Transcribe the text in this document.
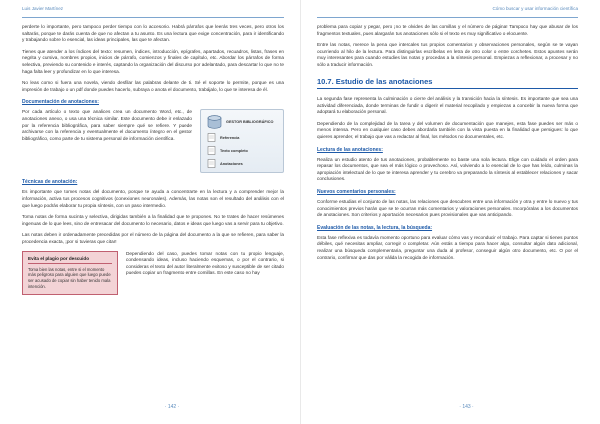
Luis Javier Martínez

perderte lo importante, pero tampoco perder tiempo con lo accesorio. Habrá párrafos que leerás tres veces, pero otros los saltarás, porque te darás cuenta de que no afectan a tu asunto. Es una lectura que exige concentración, para ir identificando y trabajando sobre lo esencial, las ideas principales, las que te afectan.

Tienes que atender a los índices del texto: resumen, índices, introducción, epígrafes, apartados, recuadros, listas, frases en negrita y cursiva, nombres propios, inicios de párrafo, comienzos y finales de capítulo, etc. Abordar los párrafos de forma selectiva, previendo su contenido e interés, captando la organización del discurso por adelantado, para descartar lo que no te haga falta leer y profundizar en lo que interesa.

No leas como si fuera una novela, viendo desfilar las palabras delante de ti. Sé el soporte lo permite, porque es una impresión de trabajo o un pdf donde puedes hacerlo, subraya o anota el documento, trabájalo, lo que te interesa de él.

Documentación de anotaciones:

Por cada artículo o texto que analices crea un documento Word, etc., de anotaciones anexo, o usa una técnica similar. Este documento debe ir enlazado por la referencia bibliográfica, para saber siempre qué se refiere. Y puede archivarse con la referencia y eventualmente el documento íntegro en el gestor bibliográfico, como parte de tu sistema personal de información científica.

GESTOR BIBLIOGRÁFICO
Referencia
Texto completo
Anotaciones
Técnicas de anotación:

Es importante que tomes notas del documento, porque te ayuda a concentrarte en la lectura y a comprender mejor la información, activa tus procesos cognitivos (conexiones neuronales). Además, las notas son el resultado del análisis con el que luego podrás elaborar tu propia síntesis, con un paso intermedio.

Toma notas de forma sucinta y selectiva, dirigidas también a la finalidad que te propones. No te trates de hacer resúmenes ingenuas de lo que lees, sino de entresacar del documento lo necesario, datos e ideas que luego vas a servir para tu objetivo.

Las notas deben ir ordenadamente precedidas por el número de la página del documento a la que se refieren, para saber la procedencia exacta, ¡por si tuvieras que citar!

Evita el plagio por descuido
Toma bien las notas, entre si el momento más peligroso para alguien que luego puede ser acusado de copiar sin haber tenido mala intención.

Dependiendo del caso, puedes tomar notas con tu propio lenguaje, condensando ideas, incluso haciendo esquemas, o por el contrario, si consideras el texto del autor literalmente exitoso y susceptible de ser citado puedes copiar un fragmento entre comillas. En este caso no hay

· 142 ·
Cómo buscar y usar información científica

problema para copiar y pegar, pero ¡no te olvides de las comillas y el número de página! Tampoco hay que abusar de los fragmentos textuales, pues alargarán tus anotaciones sólo si el texto es muy significativo o elocuente.

Entre las notas, merece la pena que intercales tus propios comentarios y observaciones personales, según se te vayan ocurriendo al hilo de la lectura. Para distinguirlas escríbelas en letra de otro color o entre corchetes. Estos apuntes serán muy interesantes para cuando estudies las notas y procedas a la síntesis personal. Empiezas a reflexionar, a procesar y no sólo a traducir información.

10.7. Estudio de las anotaciones

La segunda fase representa la culminación o cierre del análisis y la transición hacia la síntesis. Es importante que sea una actividad diferenciada, donde terminas de fundir o digerir el material recopilado y empiezas a concebir la nueva forma que adoptará tu elaboración personal.

Dependiendo de la complejidad de la tarea y del volumen de documentación que manejes, esta fase puedes ser más o menos intensa. Pero en cualquier caso debes abordarla también con la vista puesta en la finalidad que persigues: lo que quieres aprender, el trabajo que vas a redactar al final, los métodos no documentales, etc.

Lectura de las anotaciones:

Realiza un estudio atento de tus anotaciones, probablemente no baste una sola lectura. Elige con cuidado el orden para repasar los documentos, que sea el más lógico o provechoso. Así, volviendo a lo esencial de lo que has leído, culminas la apropiación intelectual de lo que te interesa aprender y tu cerebro va preparando la síntesis al establecer relaciones y sacar conclusiones.

Nuevos comentarios personales:

Conforme estudias el conjunto de las notas, las relaciones que descubres entre una información y otra y entre lo nuevo y tus conocimientos previos harán que se te ocurran más comentarios y valoraciones personales. Incorpóralas a los documentos de anotaciones. Son criterios y aportación necesarios pues provisionales que vas anticipando.

Evaluación de las notas, la lectura, la búsqueda:

Esta fase reflexiva es todavía momento oportuno para evaluar cómo vas y reconducir el trabajo. Para captar si tienes puntos débiles, qué necesitas ampliar, corregir o completar. Aún estás a tiempo para hacer algo, consultar algún dato adicional, realizar una búsqueda complementaria, preguntar una duda al profesor, conseguir algún otro documento, etc. O por el contrario, confirmar que das por válida la recogida de información.

· 143 ·
